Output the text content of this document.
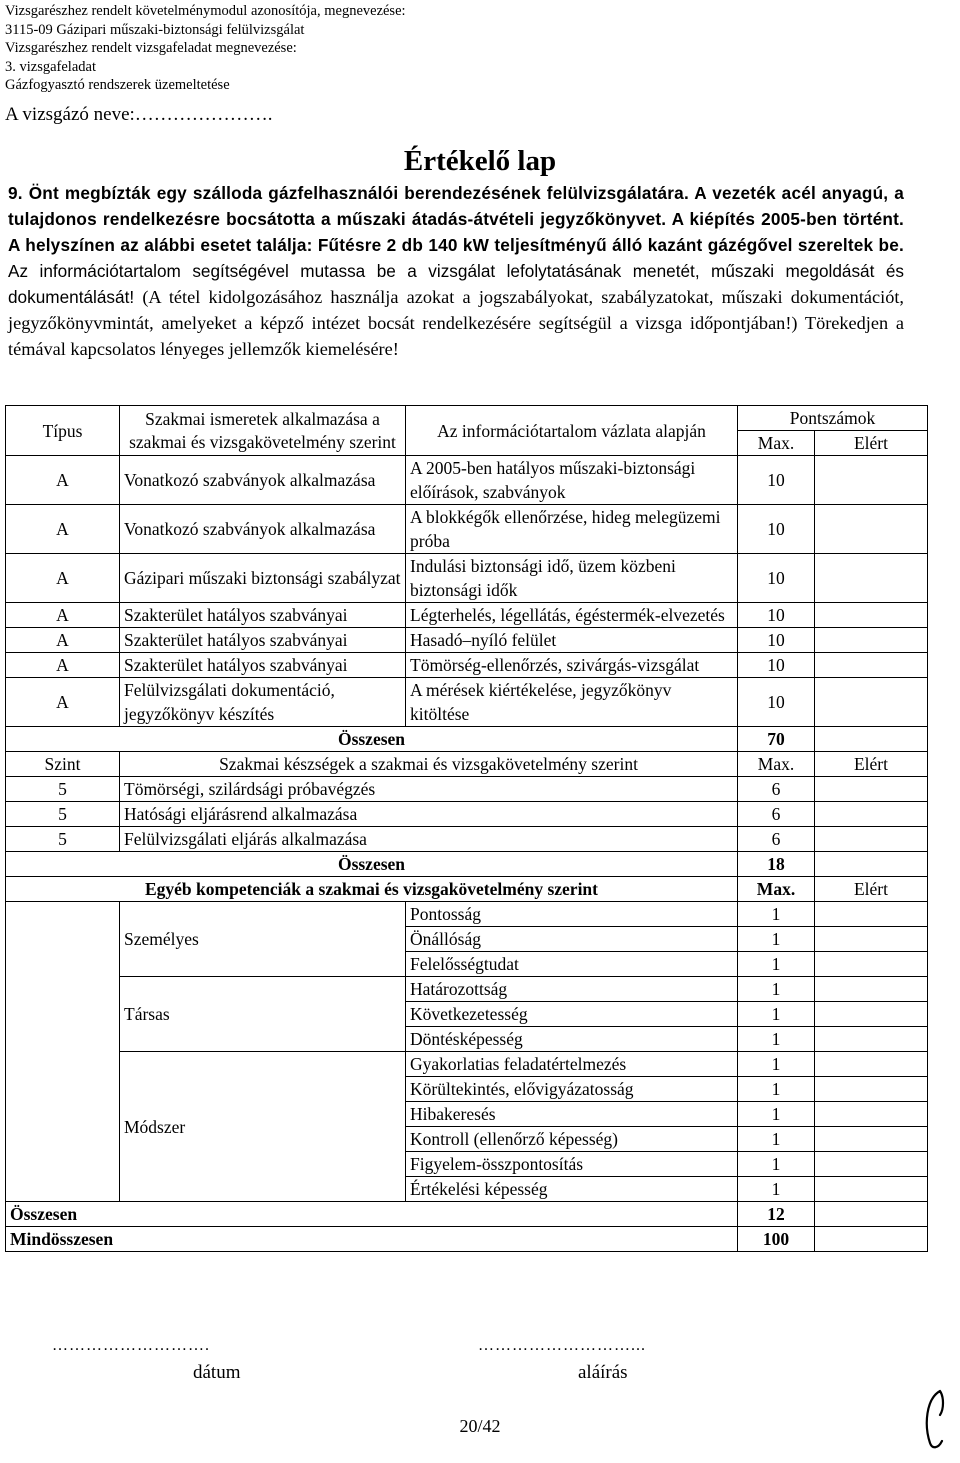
Vizsgarészhez rendelt követelménymodul azonosítója, megnevezése:
3115-09 Gázipari műszaki-biztonsági felülvizsgálat
Vizsgarészhez rendelt vizsgafeladat megnevezése:
3. vizsgafeladat
Gázfogyasztó rendszerek üzemeltetése
A vizsgázó neve:………………….
Értékelő lap
9. Önt megbízták egy szálloda gázfelhasználói berendezésének felülvizsgálatára. A vezeték acél anyagú, a tulajdonos rendelkezésre bocsátotta a műszaki átadás-átvételi jegyzőkönyvet. A kiépítés 2005-ben történt. A helyszínen az alábbi esetet találja: Fűtésre 2 db 140 kW teljesítményű álló kazánt gázégővel szereltek be. Az információtartalom segítségével mutassa be a vizsgálat lefolytatásának menetét, műszaki megoldását és dokumentálását! (A tétel kidolgozásához használja azokat a jogszabályokat, szabályzatokat, műszaki dokumentációt, jegyzőkönyvmintát, amelyeket a képző intézet bocsát rendelkezésére segítségül a vizsga időpontjában!) Törekedjen a témával kapcsolatos lényeges jellemzők kiemelésére!
Típus	Szakmai ismeretek alkalmazása a szakmai és vizsgakövetelmény szerint	Az információtartalom vázlata alapján	Pontszámok	
			Max.	Elért
A	Vonatkozó szabványok alkalmazása	A 2005-ben hatályos műszaki-biztonsági előírások, szabványok	10	
A	Vonatkozó szabványok alkalmazása	A blokkégők ellenőrzése, hideg melegüzemi próba	10	
A	Gázipari műszaki biztonsági szabályzat	Indulási biztonsági idő, üzem közbeni biztonsági idők	10	
A	Szakterület hatályos szabványai	Légterhelés, légellátás, égéstermék-elvezetés	10	
A	Szakterület hatályos szabványai	Hasadó–nyíló felület	10	
A	Szakterület hatályos szabványai	Tömörség-ellenőrzés, szivárgás-vizsgálat	10	
A	Felülvizsgálati dokumentáció, jegyzőkönyv készítés	A mérések kiértékelése, jegyzőkönyv kitöltése	10	
Összesen			70	
Szint	Szakmai készségek a szakmai és vizsgakövetelmény szerint		Max.	Elért
5	Tömörségi, szilárdsági próbavégzés		6	
5	Hatósági eljárásrend alkalmazása		6	
5	Felülvizsgálati eljárás alkalmazása		6	
Összesen			18	
Egyéb kompetenciák a szakmai és vizsgakövetelmény szerint			Max.	Elért
	Személyes	Pontosság	1	
		Önállóság	1	
		Felelősségtudat	1	
	Társas	Határozottság	1	
		Következetesség	1	
		Döntésképesség	1	
	Módszer	Gyakorlatias feladatértelmezés	1	
		Körültekintés, elővigyázatosság	1	
		Hibakeresés	1	
		Kontroll (ellenőrző képesség)	1	
		Figyelem-összpontosítás	1	
		Értékelési képesség	1	
Összesen			12	
Mindösszesen			100	
……………………….
dátum
………………………...
aláírás
20/42
